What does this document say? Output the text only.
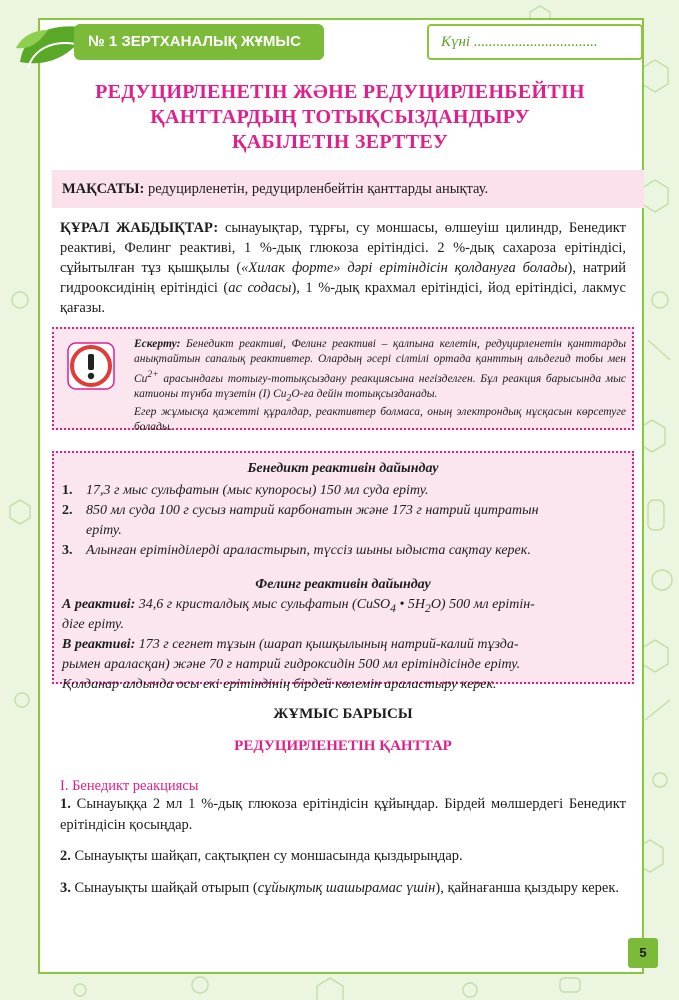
№ 1 ЗЕРТХАНАЛЫҚ ЖҰМЫС	Күні .................................
РЕДУЦИРЛЕНЕТІН ЖӘНЕ РЕДУЦИРЛЕНБЕЙТІН
ҚАНТТАРДЫҢ ТОТЫҚСЫЗДАНДЫРУ
ҚАБІЛЕТІН ЗЕРТТЕУ
МАҚСАТЫ: редуцирленетін, редуцирленбейтін қанттарды анықтау.
ҚҰРАЛ ЖАБДЫҚТАР: сынауықтар, тұрғы, су моншасы, өлшеуіш цилиндр, Бенедикт реактиві, Фелинг реактиві, 1 %-дық глюкоза ерітіндісі. 2 %-дық сахароза ерітіндісі, сұйытылған тұз қышқылы («Хилак форте» дәрі ерітіндісін қолдануға болады), натрий гидрооксидінің ерітіндісі (ас содасы), 1 %-дық крахмал ерітіндісі, йод ерітіндісі, лакмус қағазы.
Ескерту: Бенедикт реактиві, Фелинг реактиві – қалпына келетін, редуцирленетін қанттарды анықтайтын сапалық реактивтер. Олардың әсері сілтілі ортада қанттың альдегид тобы мен $Cu^{2+}$ арасындағы тотығу-тотықсыздану реакциясына негізделген. Бұл реакция барысында мыс катионы түнба түзетін (I) $Cu_2O-ға$ дейін тотықсызданады.
Егер жұмысқа қажетті құралдар, реактивтер болмаса, оның электрондық нұсқасын көрсетуге болады.
Бенедикт реактивін дайындау
1. 17,3 г мыс сульфатын (мыс купоросы) 150 мл суда еріту.
2. 850 мл суда 100 г сусыз натрий карбонатын және 173 г натрий цитратын
еріту.
3. Алынған ерітінділерді араластырып, түссіз шыны ыдыста сақтау керек.
Фелинг реактивін дайындау
А реактиві: 34,6 г кристалдық мыс сульфатын (CuSO$_4$ • $5H_2O$) 500 мл ерітін-
діге еріту.
В реактиві: 173 г сегнет тұзын (шарап қышқылының натрий-калий тұзда-
рымен араласқан) және 70 г натрий гидроксидін 500 мл ерітіндісінде еріту.
Қолданар алдында осы екі ерітіндінің бірдей көлемін араластыру керек.
ЖҰМЫС БАРЫСЫ
РЕДУЦИРЛЕНЕТІН ҚАНТТАР
I. Бенедикт реакциясы
1. Сынауыққа 2 мл 1 %-дық глюкоза ерітіндісін құйыңдар. Бірдей мөлшердегі Бенедикт ерітіндісін қосыңдар.
2. Сынауықты шайқап, сақтықпен су моншасында қыздырыңдар.
3. Сынауықты шайқай отырып (сұйықтық шашырамас үшін), қайнағанша қыздыру керек.
5
